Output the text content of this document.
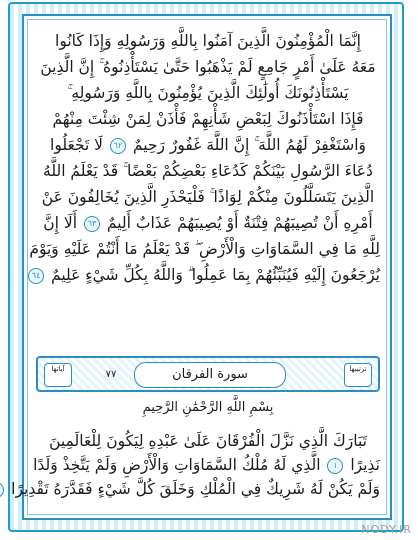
إِنَّمَا الْمُؤْمِنُونَ الَّذِينَ آمَنُوا بِاللَّهِ وَرَسُولِهِ وَإِذَا كَانُوا
مَعَهُ عَلَىٰ أَمْرٍ جَامِعٍ لَمْ يَذْهَبُوا حَتَّىٰ يَسْتَأْذِنُوهُ ۚ إِنَّ الَّذِينَ
يَسْتَأْذِنُونَكَ أُولَٰئِكَ الَّذِينَ يُؤْمِنُونَ بِاللَّهِ وَرَسُولِهِ ۚ
فَإِذَا اسْتَأْذَنُوكَ لِبَعْضِ شَأْنِهِمْ فَأْذَنْ لِمَنْ شِئْتَ مِنْهُمْ
وَاسْتَغْفِرْ لَهُمُ اللَّهَ ۚ إِنَّ اللَّهَ غَفُورٌ رَحِيمٌ ٦٢ لَا تَجْعَلُوا
دُعَاءَ الرَّسُولِ بَيْنَكُمْ كَدُعَاءِ بَعْضِكُمْ بَعْضًا ۚ قَدْ يَعْلَمُ اللَّهُ
الَّذِينَ يَتَسَلَّلُونَ مِنْكُمْ لِوَاذًا ۚ فَلْيَحْذَرِ الَّذِينَ يُخَالِفُونَ عَنْ
أَمْرِهِ أَنْ تُصِيبَهُمْ فِتْنَةٌ أَوْ يُصِيبَهُمْ عَذَابٌ أَلِيمٌ ٦٣ أَلَا إِنَّ
لِلَّهِ مَا فِي السَّمَاوَاتِ وَالْأَرْضِ ۖ قَدْ يَعْلَمُ مَا أَنْتُمْ عَلَيْهِ وَيَوْمَ
يُرْجَعُونَ إِلَيْهِ فَيُنَبِّئُهُمْ بِمَا عَمِلُوا ۗ وَاللَّهُ بِكُلِّ شَيْءٍ عَلِيمٌ ٦٤
ترتيبها
سورة الفرقان
٧٧
آياتها
بِسْمِ اللَّهِ الرَّحْمَٰنِ الرَّحِيمِ
تَبَارَكَ الَّذِي نَزَّلَ الْفُرْقَانَ عَلَىٰ عَبْدِهِ لِيَكُونَ لِلْعَالَمِينَ
نَذِيرًا ١ الَّذِي لَهُ مُلْكُ السَّمَاوَاتِ وَالْأَرْضِ وَلَمْ يَتَّخِذْ وَلَدًا
وَلَمْ يَكُنْ لَهُ شَرِيكٌ فِي الْمُلْكِ وَخَلَقَ كُلَّ شَيْءٍ فَقَدَّرَهُ تَقْدِيرًا
NODY.IR
